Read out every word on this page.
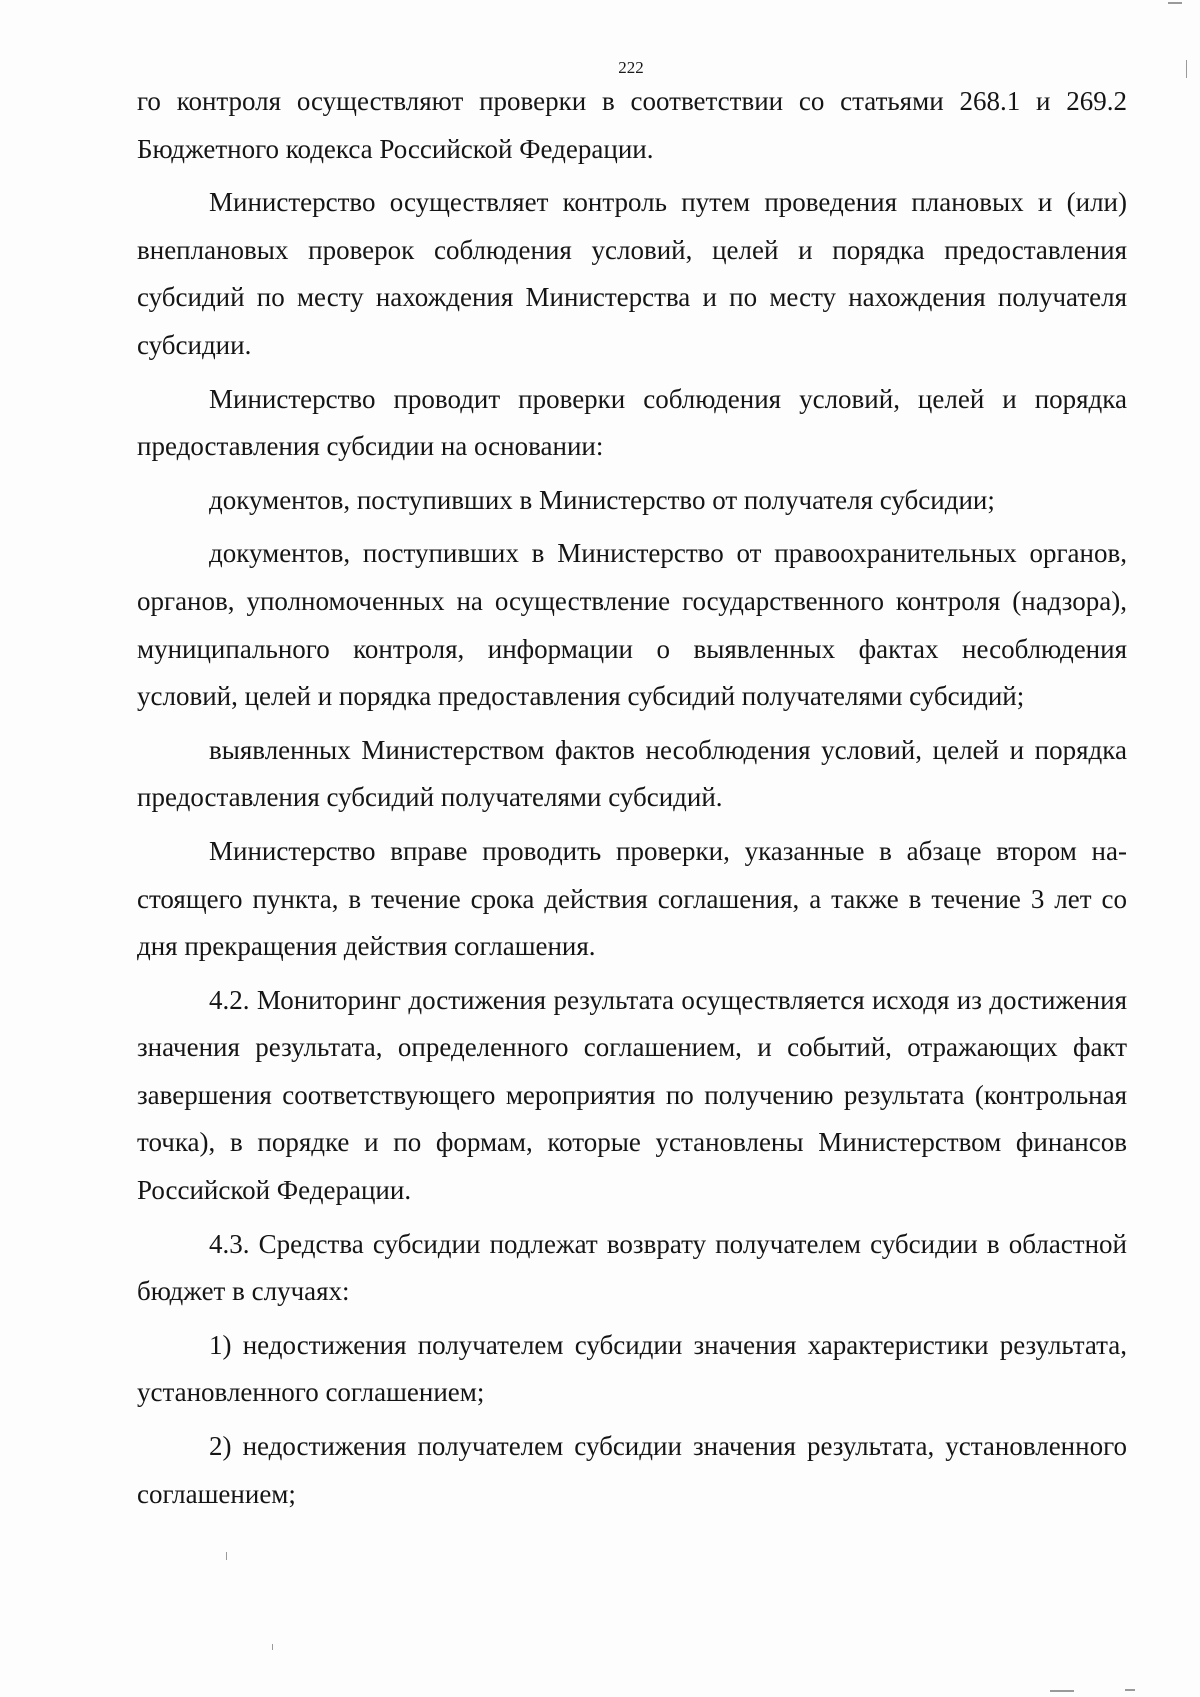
222

го контроля осуществляют проверки в соответствии со статьями 268.1 и 269.2 Бюджетного кодекса Российской Федерации.

Министерство осуществляет контроль путем проведения плановых и (или) внеплановых проверок соблюдения условий, целей и порядка предоставления субсидий по месту нахождения Министерства и по месту нахождения получателя субсидии.

Министерство проводит проверки соблюдения условий, целей и порядка предоставления субсидии на основании:

документов, поступивших в Министерство от получателя субсидии;

документов, поступивших в Министерство от правоохранительных органов, органов, уполномоченных на осуществление государственного контроля (надзора), муниципального контроля, информации о выявленных фактах несоблюдения условий, целей и порядка предоставления субсидий получателями субсидий;

выявленных Министерством фактов несоблюдения условий, целей и порядка предоставления субсидий получателями субсидий.

Министерство вправе проводить проверки, указанные в абзаце втором настоящего пункта, в течение срока действия соглашения, а также в течение 3 лет со дня прекращения действия соглашения.

4.2. Мониторинг достижения результата осуществляется исходя из достижения значения результата, определенного соглашением, и событий, отражающих факт завершения соответствующего мероприятия по получению результата (контрольная точка), в порядке и по формам, которые установлены Министерством финансов Российской Федерации.

4.3. Средства субсидии подлежат возврату получателем субсидии в областной бюджет в случаях:

1) недостижения получателем субсидии значения характеристики результата, установленного соглашением;

2) недостижения получателем субсидии значения результата, установленного соглашением;
